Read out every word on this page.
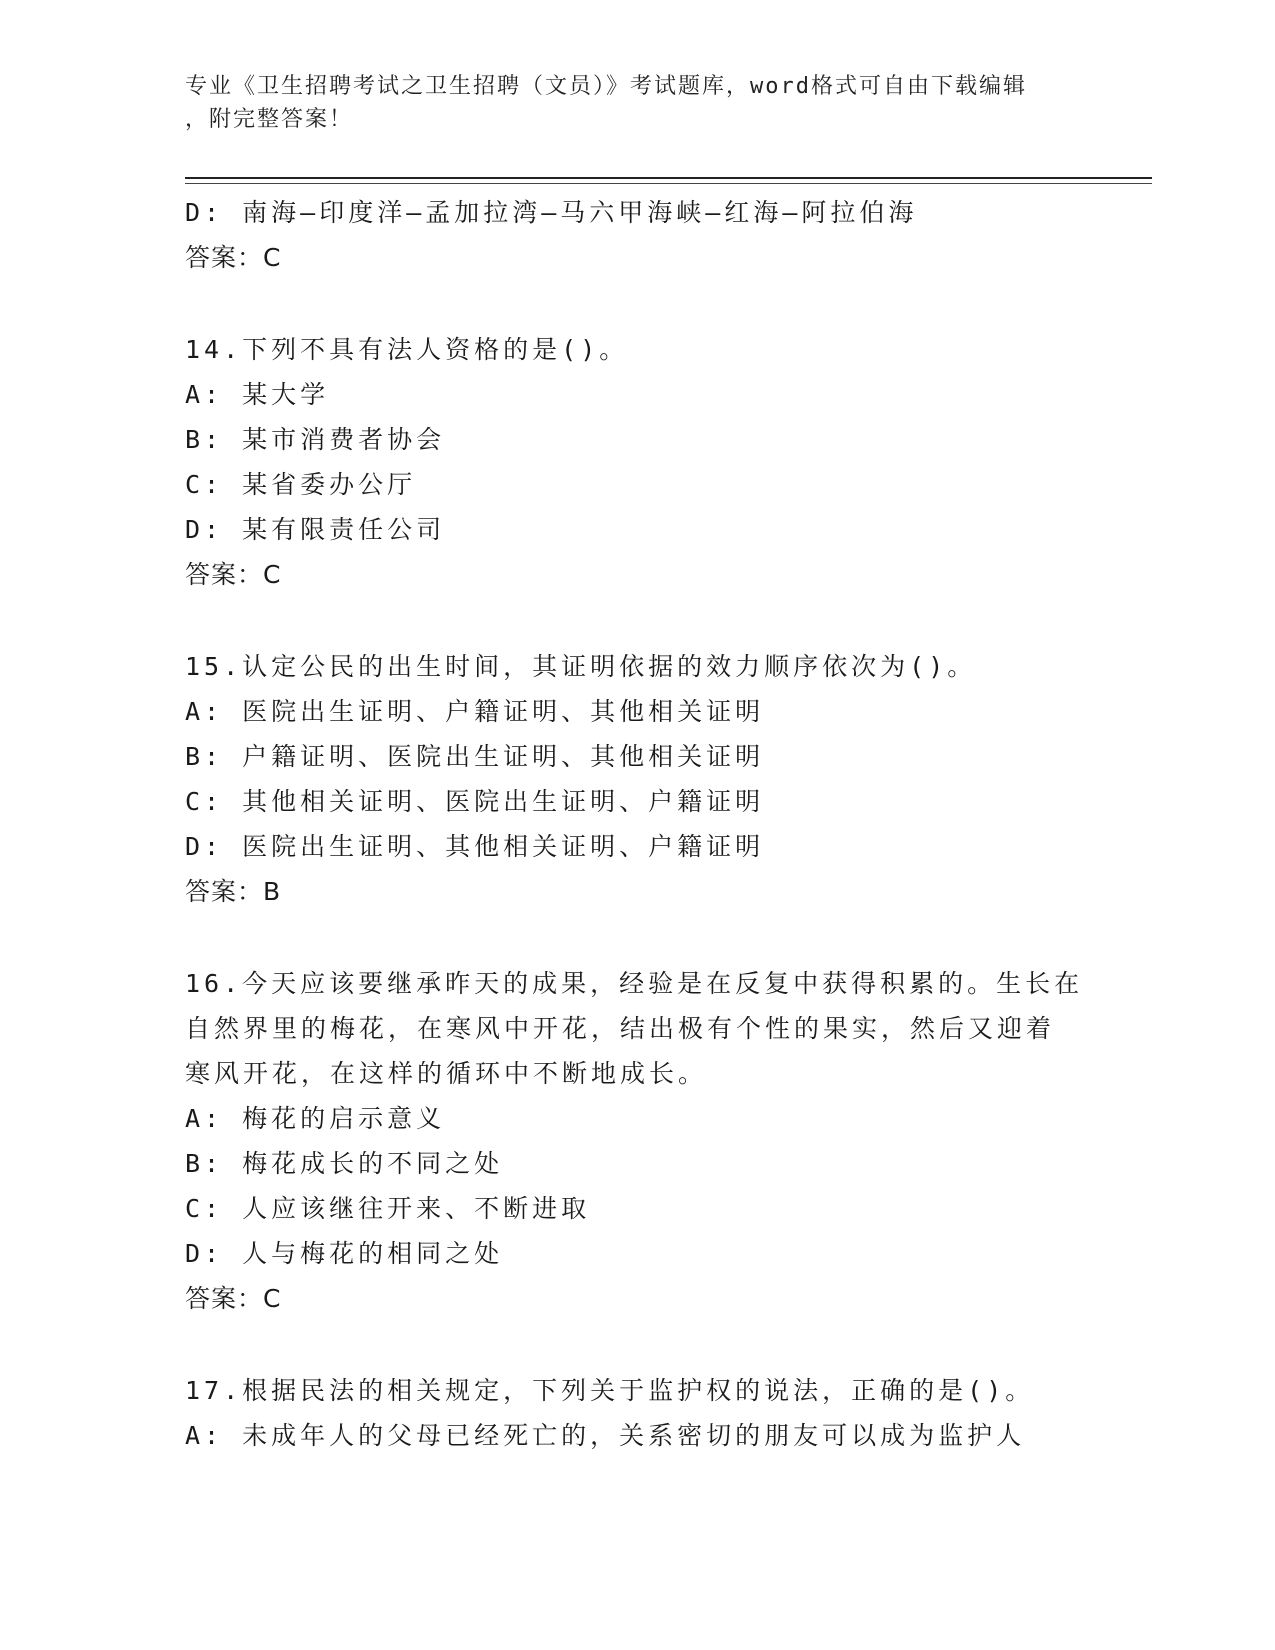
专业《卫生招聘考试之卫生招聘（文员）》考试题库，word格式可自由下载编辑
，附完整答案！

D: 南海—印度洋—孟加拉湾—马六甲海峡—红海—阿拉伯海

答案：C

14.下列不具有法人资格的是()。

A: 某大学

B: 某市消费者协会

C: 某省委办公厅

D: 某有限责任公司

答案：C

15.认定公民的出生时间，其证明依据的效力顺序依次为()。

A: 医院出生证明、户籍证明、其他相关证明

B: 户籍证明、医院出生证明、其他相关证明

C: 其他相关证明、医院出生证明、户籍证明

D: 医院出生证明、其他相关证明、户籍证明

答案：B

16.今天应该要继承昨天的成果，经验是在反复中获得积累的。生长在

自然界里的梅花，在寒风中开花，结出极有个性的果实，然后又迎着

寒风开花，在这样的循环中不断地成长。

A: 梅花的启示意义

B: 梅花成长的不同之处

C: 人应该继往开来、不断进取

D: 人与梅花的相同之处

答案：C

17.根据民法的相关规定，下列关于监护权的说法，正确的是()。

A: 未成年人的父母已经死亡的，关系密切的朋友可以成为监护人
